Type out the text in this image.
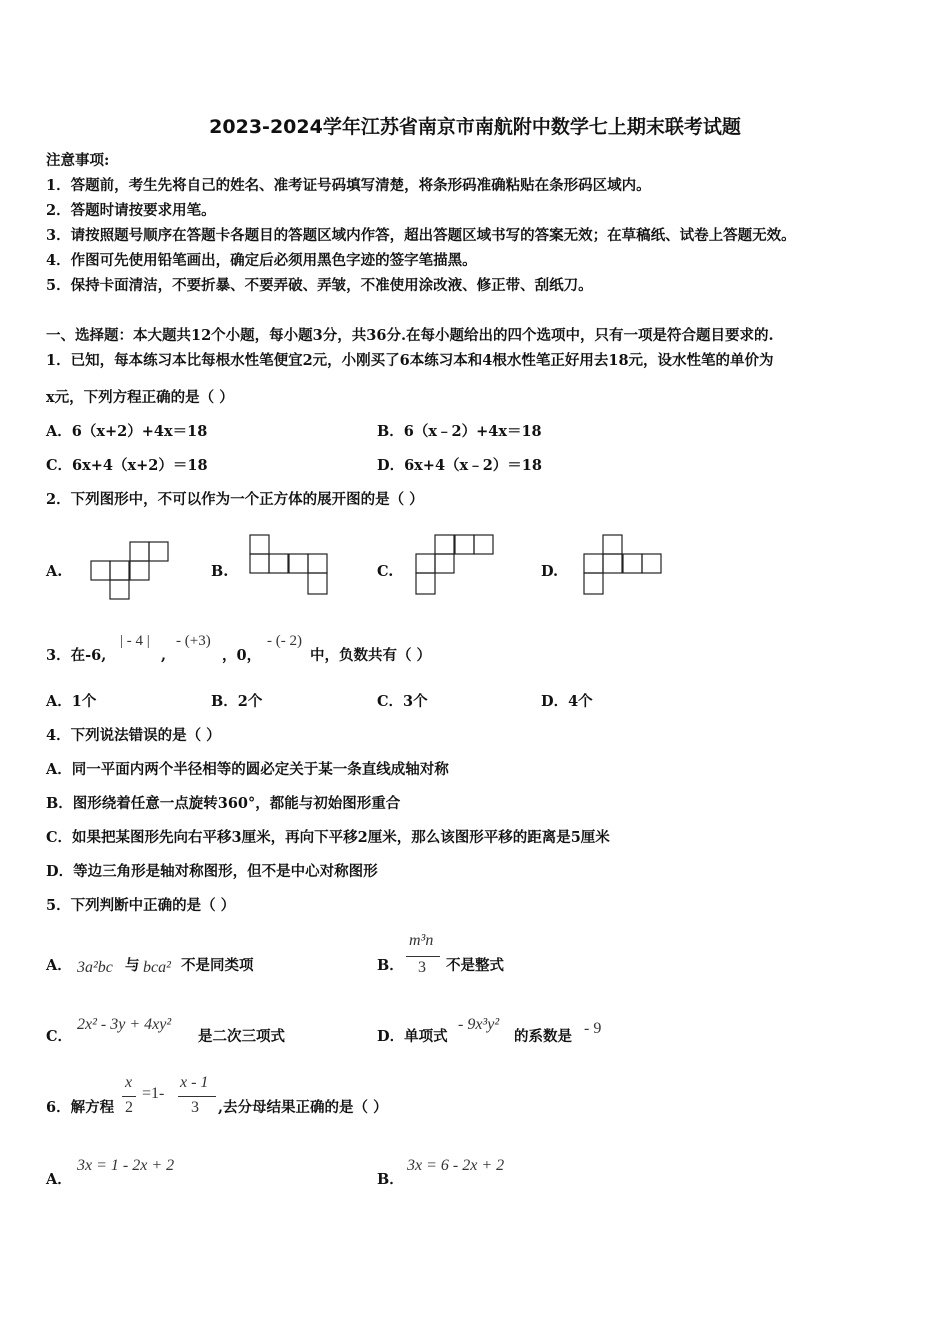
2023-2024学年江苏省南京市南航附中数学七上期末联考试题
注意事项:
1．答题前，考生先将自己的姓名、准考证号码填写清楚，将条形码准确粘贴在条形码区域内。
2．答题时请按要求用笔。
3．请按照题号顺序在答题卡各题目的答题区域内作答，超出答题区域书写的答案无效；在草稿纸、试卷上答题无效。
4．作图可先使用铅笔画出，确定后必须用黑色字迹的签字笔描黑。
5．保持卡面清洁，不要折暴、不要弄破、弄皱，不准使用涂改液、修正带、刮纸刀。
一、选择题：本大题共12个小题，每小题3分，共36分.在每小题给出的四个选项中，只有一项是符合题目要求的.
1．已知，每本练习本比每根水性笔便宜2元，小刚买了6本练习本和4根水性笔正好用去18元，设水性笔的单价为
x元，下列方程正确的是（ ）
A．6（x+2）+4x＝18	B．6（x﹣2）+4x＝18
C．6x+4（x+2）＝18	D．6x+4（x﹣2）＝18
2．下列图形中，不可以作为一个正方体的展开图的是（ ）
A.	B.	C.	D.
3．在-6,
| - 4 |
,
- (+3)
，0，
- (- 2)
中，负数共有（ ）
A．1个	B．2个	C．3个	D．4个
4．下列说法错误的是（ ）
A．同一平面内两个半径相等的圆必定关于某一条直线成轴对称
B．图形绕着任意一点旋转360°，都能与初始图形重合
C．如果把某图形先向右平移3厘米，再向下平移2厘米，那么该图形平移的距离是5厘米
D．等边三角形是轴对称图形，但不是中心对称图形
5．下列判断中正确的是（ ）
A． 3a²bc 与 bca² 不是同类项	B．
m³n
3 不是整式
C．
2x² - 3y + 4xy²
是二次三项式	D．单项式
- 9x³y²
的系数是 - 9
6．解方程
x
2
=1-
x - 1
3 ,去分母结果正确的是（ ）
A．
3x = 1 - 2x + 2
B．
3x = 6 - 2x + 2
